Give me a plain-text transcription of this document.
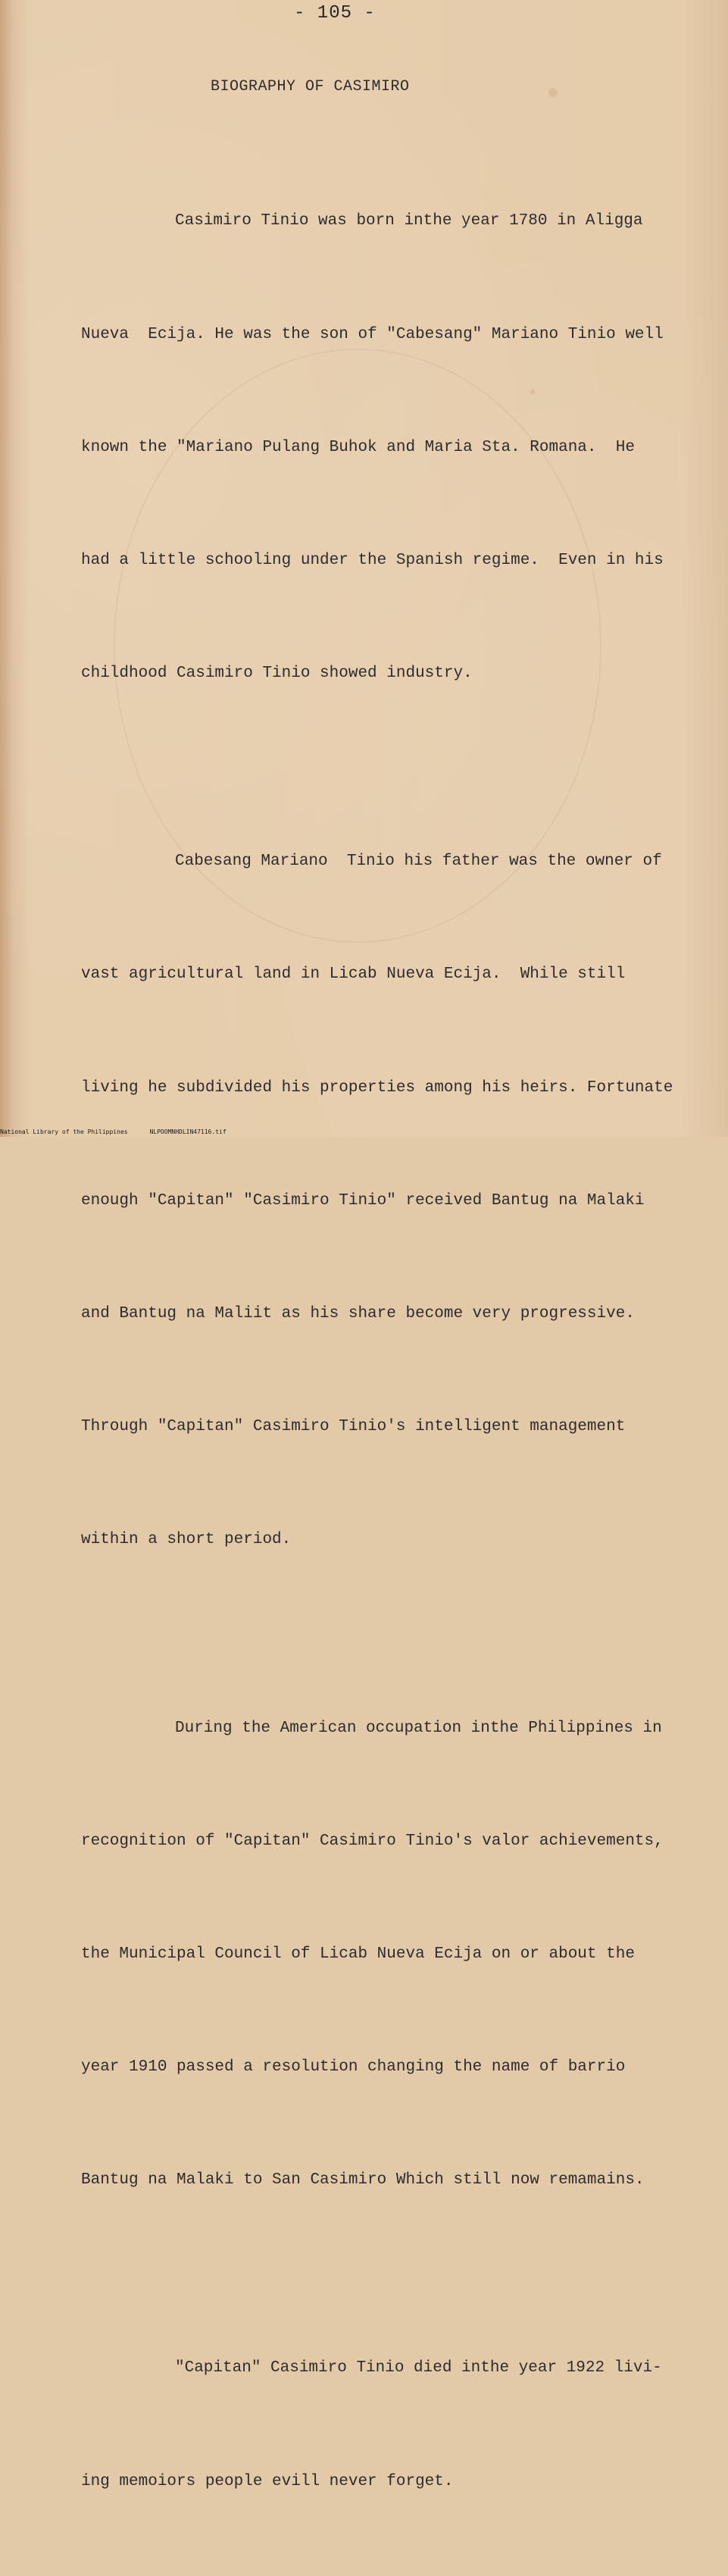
- 105 -
BIOGRAPHY OF CASIMIRO

Casimiro Tinio was born inthe year 1780 in Aligga

Nueva  Ecija. He was the son of "Cabesang" Mariano Tinio well

known the "Mariano Pulang Buhok and Maria Sta. Romana.  He

had a little schooling under the Spanish regime.  Even in his

childhood Casimiro Tinio showed industry.

Cabesang Mariano  Tinio his father was the owner of

vast agricultural land in Licab Nueva Ecija.  While still

living he subdivided his properties among his heirs. Fortunate

enough "Capitan" "Casimiro Tinio" received Bantug na Malaki

and Bantug na Maliit as his share become very progressive.

Through "Capitan" Casimiro Tinio's intelligent management

within a short period.

During the American occupation inthe Philippines in

recognition of "Capitan" Casimiro Tinio's valor achievements,

the Municipal Council of Licab Nueva Ecija on or about the

year 1910 passed a resolution changing the name of barrio

Bantug na Malaki to San Casimiro Which still now remamains.

"Capitan" Casimiro Tinio died inthe year 1922 livi-

ing memoiors people evill never forget.

National Library of the Philippines	NLPOOMNHDLIN47116.tif
